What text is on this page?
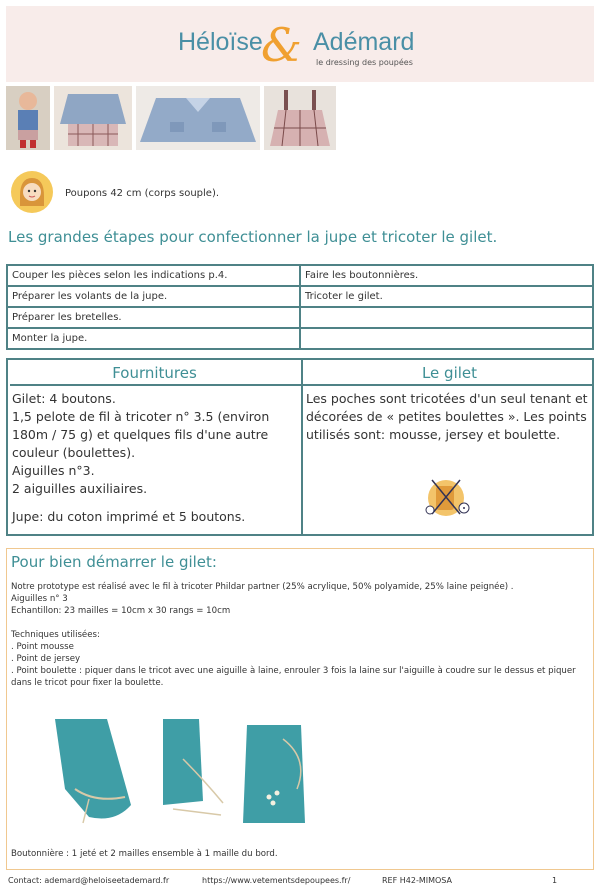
Héloïse
& Adémard
le dressing des poupées
Poupons 42 cm (corps souple).
Les grandes étapes pour confectionner la jupe et tricoter le gilet.
Couper les pièces selon les indications p.4.	Faire les boutonnières.
Préparer les volants de la jupe.	Tricoter le gilet.
Préparer les bretelles.	
Monter la jupe.	
Fournitures	Le gilet

Gilet: 4 boutons.

1,5 pelote de fil à tricoter n° 3.5 (environ 180m / 75 g) et quelques fils d'une autre couleur (boulettes).

Aiguilles n°3.

2 aiguilles auxiliaires.

Jupe: du coton imprimé et 5 boutons.

Les poches sont tricotées d'un seul tenant et décorées de « petites boulettes ». Les points utilisés sont: mousse, jersey et boulette.
Pour bien démarrer le gilet:

Notre prototype est réalisé avec le fil à tricoter Phildar partner (25% acrylique, 50% polyamide, 25% laine peignée) .

Aiguilles n° 3

Echantillon: 23 mailles = 10cm x 30 rangs = 10cm

Techniques utilisées:

. Point mousse

. Point de jersey

. Point boulette : piquer dans le tricot avec une aiguille à laine, enrouler 3 fois la laine sur l'aiguille à coudre sur le dessus et piquer dans le tricot pour fixer la boulette.

Boutonnière : 1 jeté et 2 mailles ensemble à 1 maille du bord.
Contact: ademard@heloiseetademard.fr	https://www.vetementsdepoupees.fr/	REF H42-MIMOSA	1
